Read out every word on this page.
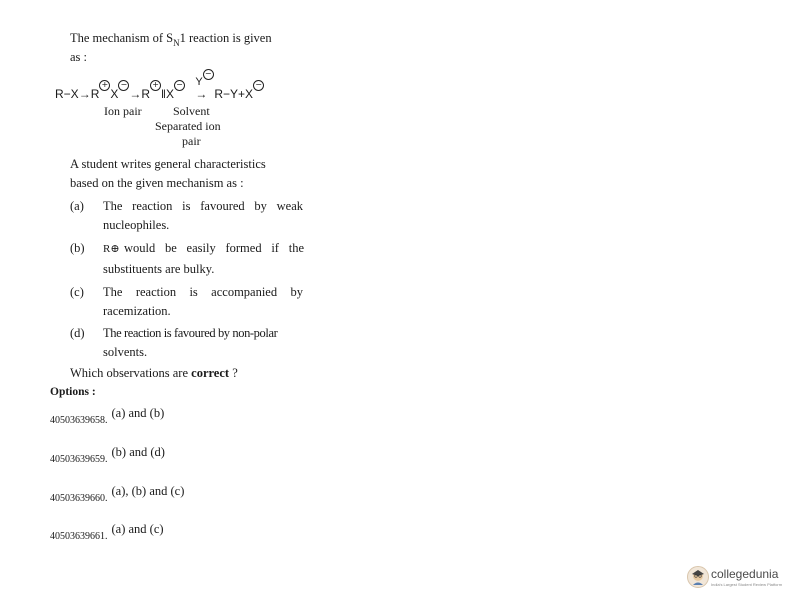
The mechanism of $S_N1$ reaction is given
as :
R−X→R+X−→R+‖X− Y−
→ R−Y+X−
Ion pair	Solvent
Separated ion
pair
A student writes general characteristics
based on the given mechanism as :
(a) The reaction is favoured by weak
nucleophiles.
(b) R⊕ would be easily formed if the
substituents are bulky.
(c) The reaction is accompanied by
racemization.
(d) The reaction is favoured by non-polar
solvents.
Which observations are correct ?
Options :
$_{40503639658.}$ (a) and (b)
$_{40503639659.}$ (b) and (d)
$_{40503639660.}$ (a), (b) and (c)
$_{40503639661.}$ (a) and (c)
collegedunia
India's Largest Student Review Platform
